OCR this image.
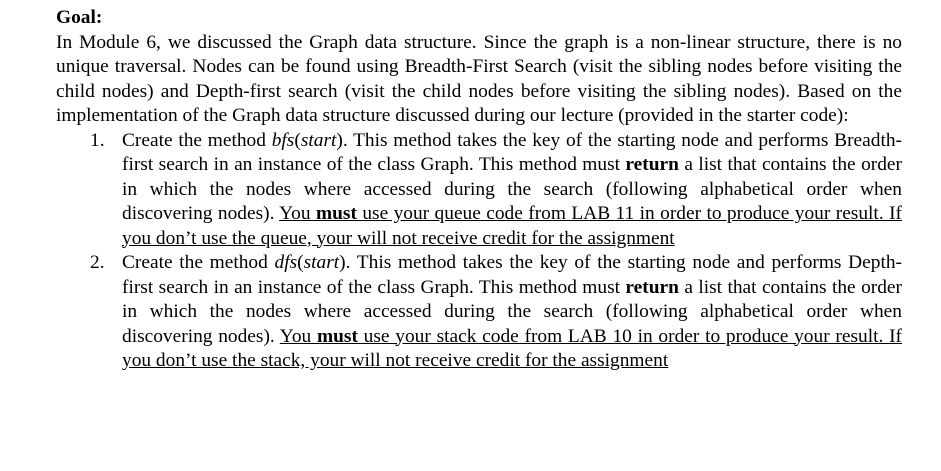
Goal:

In Module 6, we discussed the Graph data structure. Since the graph is a non-linear structure, there is no unique traversal. Nodes can be found using Breadth-First Search (visit the sibling nodes before visiting the child nodes) and Depth-first search (visit the child nodes before visiting the sibling nodes). Based on the implementation of the Graph data structure discussed during our lecture (provided in the starter code):

1. Create the method bfs(start). This method takes the key of the starting node and performs Breadth-first search in an instance of the class Graph. This method must return a list that contains the order in which the nodes where accessed during the search (following alphabetical order when discovering nodes). You must use your queue code from LAB 11 in order to produce your result. If you don’t use the queue, your will not receive credit for the assignment
2. Create the method dfs(start). This method takes the key of the starting node and performs Depth-first search in an instance of the class Graph. This method must return a list that contains the order in which the nodes where accessed during the search (following alphabetical order when discovering nodes). You must use your stack code from LAB 10 in order to produce your result. If you don’t use the stack, your will not receive credit for the assignment
